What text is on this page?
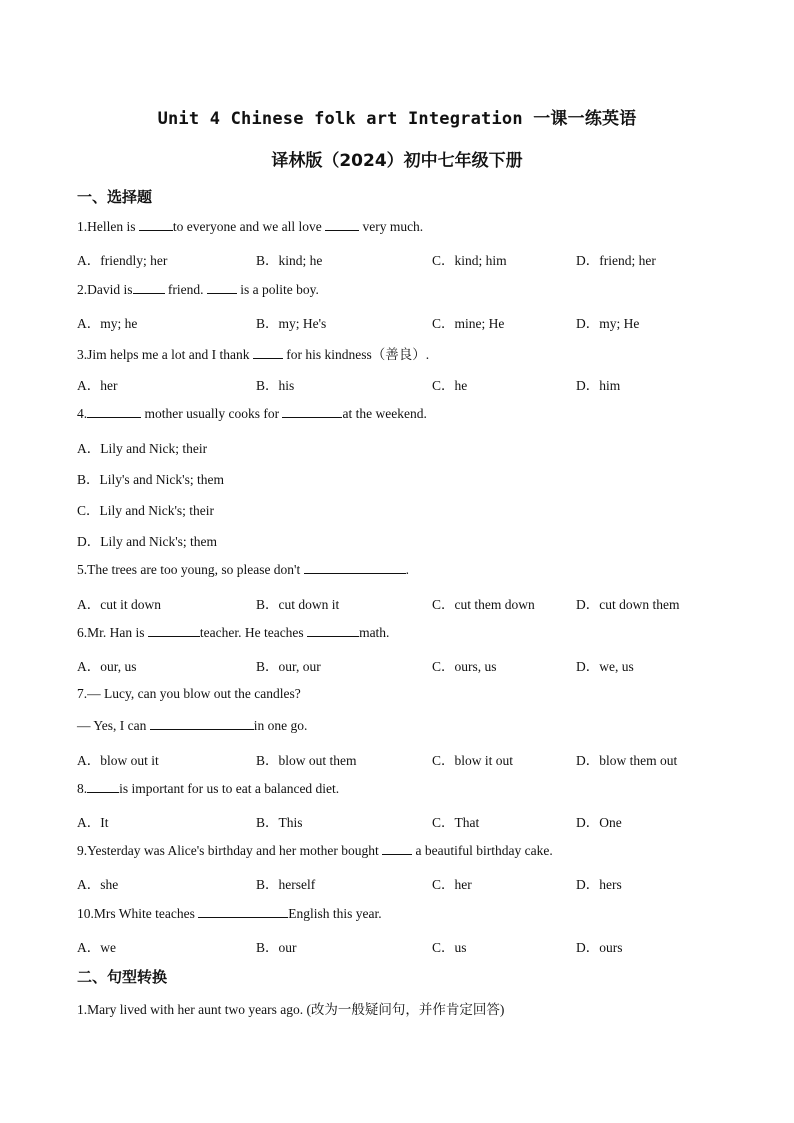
Unit 4 Chinese folk art Integration 一课一练英语
译林版（2024）初中七年级下册
一、选择题
1.Hellen is	to everyone and we all love	very much.
A．friendly; her	B．kind; he	C．kind; him	D．friend; her
2.David is friend.  is a polite boy.
A．my; he	B．my; He's	C．mine; He	D．my; He
3.Jim helps me a lot and I thank  for his kindness（善良）.
A．her	B．his	C．he	D．him
4.	mother usually cooks for	at the weekend.
A．Lily and Nick; their
B．Lily's and Nick's; them
C．Lily and Nick's; their
D．Lily and Nick's; them
5.The trees are too young, so please don't	.
A．cut it down	B．cut down it	C．cut them down	D．cut down them
6.Mr. Han is	teacher. He teaches	math.
A．our, us	B．our, our	C．ours, us	D．we, us
7.— Lucy, can you blow out the candles?
— Yes, I can	in one go.
A．blow out it	B．blow out them	C．blow it out	D．blow them out
8. is important for us to eat a balanced diet.
A．It	B．This	C．That	D．One
9.Yesterday was Alice's birthday and her mother bought  a beautiful birthday cake.
A．she	B．herself	C．her	D．hers
10.Mrs White teaches	English this year.
A．we	B．our	C．us	D．ours
二、句型转换
1.Mary lived with her aunt two years ago. (改为一般疑问句，并作肯定回答)
